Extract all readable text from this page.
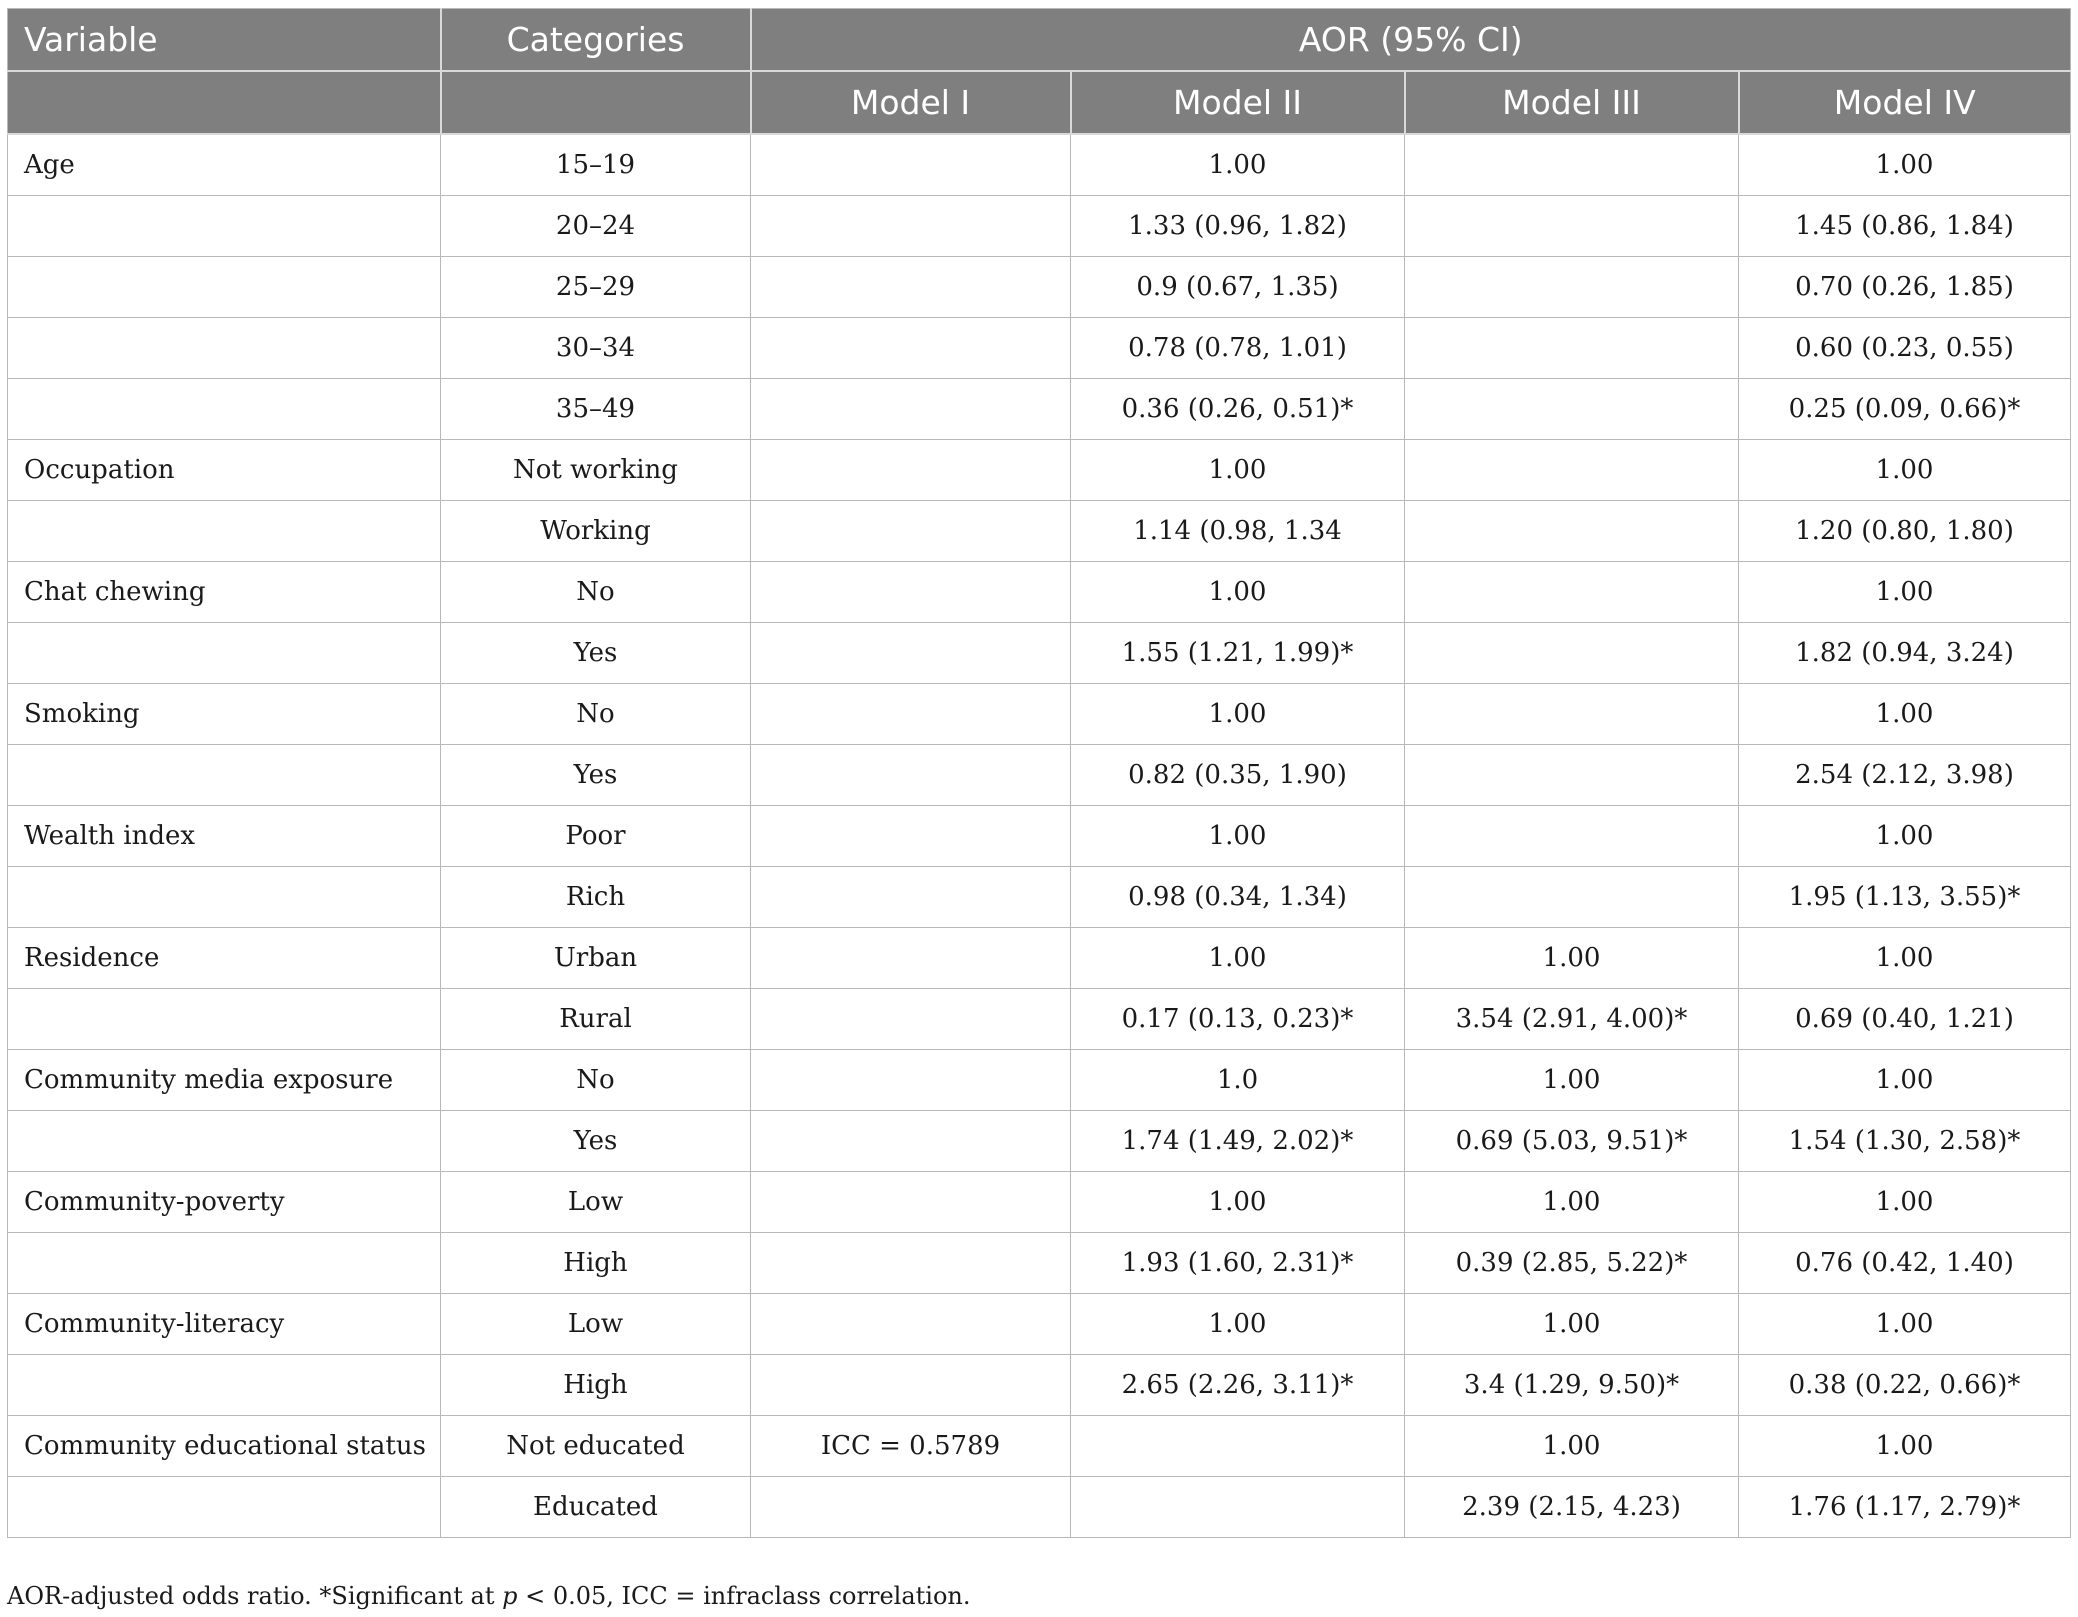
Variable	Categories	AOR (95% CI)			
		Model I	Model II	Model III	Model IV
Age	15–19		1.00		1.00
	20–24		1.33 (0.96, 1.82)		1.45 (0.86, 1.84)
	25–29		0.9 (0.67, 1.35)		0.70 (0.26, 1.85)
	30–34		0.78 (0.78, 1.01)		0.60 (0.23, 0.55)
	35–49		0.36 (0.26, 0.51)*		0.25 (0.09, 0.66)*
Occupation	Not working		1.00		1.00
	Working		1.14 (0.98, 1.34		1.20 (0.80, 1.80)
Chat chewing	No		1.00		1.00
	Yes		1.55 (1.21, 1.99)*		1.82 (0.94, 3.24)
Smoking	No		1.00		1.00
	Yes		0.82 (0.35, 1.90)		2.54 (2.12, 3.98)
Wealth index	Poor		1.00		1.00
	Rich		0.98 (0.34, 1.34)		1.95 (1.13, 3.55)*
Residence	Urban		1.00	1.00	1.00
	Rural		0.17 (0.13, 0.23)*	3.54 (2.91, 4.00)*	0.69 (0.40, 1.21)
Community media exposure	No		1.0	1.00	1.00
	Yes		1.74 (1.49, 2.02)*	0.69 (5.03, 9.51)*	1.54 (1.30, 2.58)*
Community-poverty	Low		1.00	1.00	1.00
	High		1.93 (1.60, 2.31)*	0.39 (2.85, 5.22)*	0.76 (0.42, 1.40)
Community-literacy	Low		1.00	1.00	1.00
	High		2.65 (2.26, 3.11)*	3.4 (1.29, 9.50)*	0.38 (0.22, 0.66)*
Community educational status	Not educated	ICC = 0.5789		1.00	1.00
	Educated			2.39 (2.15, 4.23)	1.76 (1.17, 2.79)*
AOR-adjusted odds ratio. *Significant at p < 0.05, ICC = infraclass correlation.
